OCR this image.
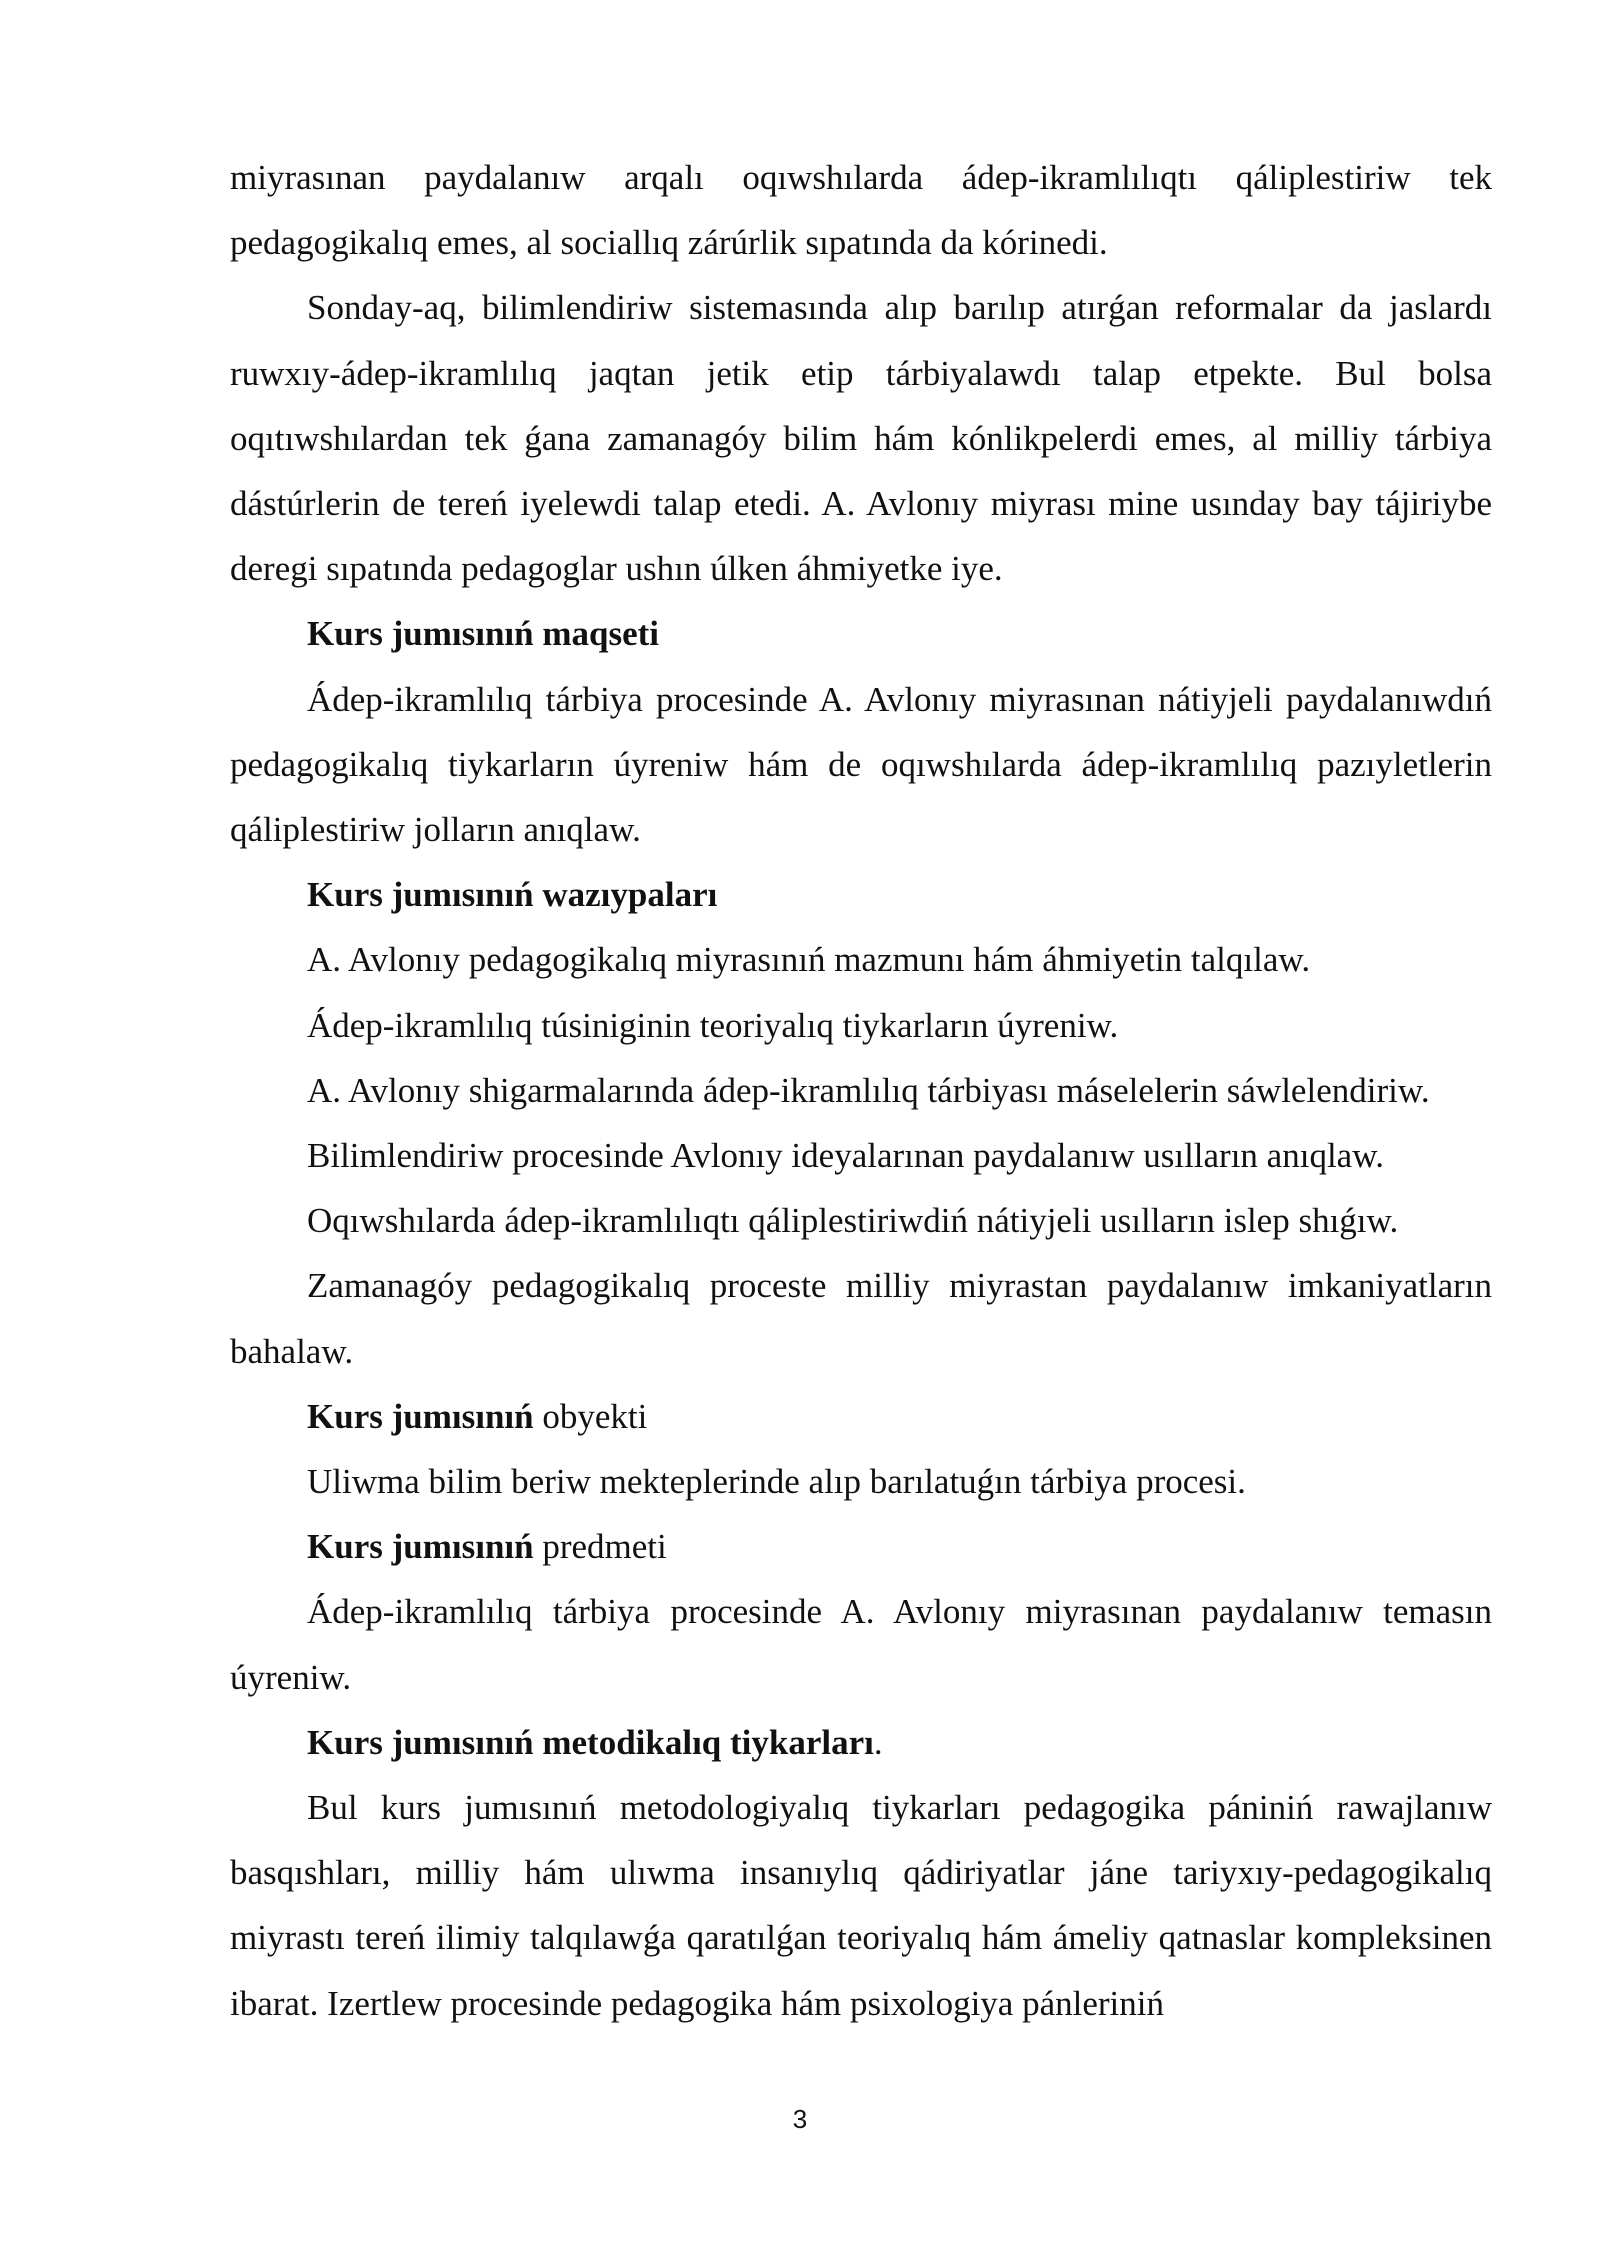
miyrasınan paydalanıw arqalı oqıwshılarda ádep-ikramlılıqtı qáliplestiriw tek pedagogikalıq emes, al sociallıq zárúrlik sıpatında da kórinedi.

Sonday-aq, bilimlendiriw sistemasında alıp barılıp atırǵan reformalar da jaslardı ruwxıy-ádep-ikramlılıq jaqtan jetik etip tárbiyalawdı talap etpekte. Bul bolsa oqıtıwshılardan tek ǵana zamanagóy bilim hám kónlikpelerdi emes, al milliy tárbiya dástúrlerin de tereń iyelewdi talap etedi. A. Avlonıy miyrası mine usınday bay tájiriybe deregi sıpatında pedagoglar ushın úlken áhmiyetke iye.

Kurs jumısınıń maqseti

Ádep-ikramlılıq tárbiya procesinde A. Avlonıy miyrasınan nátiyjeli paydalanıwdıń pedagogikalıq tiykarların úyreniw hám de oqıwshılarda ádep-ikramlılıq pazıyletlerin qáliplestiriw jolların anıqlaw.

Kurs jumısınıń wazıypaları

A. Avlonıy pedagogikalıq miyrasınıń mazmunı hám áhmiyetin talqılaw.

Ádep-ikramlılıq túsiniginin teoriyalıq tiykarların úyreniw.

A. Avlonıy shigarmalarında ádep-ikramlılıq tárbiyası máselelerin sáwlelendiriw.

Bilimlendiriw procesinde Avlonıy ideyalarınan paydalanıw usılların anıqlaw.

Oqıwshılarda ádep-ikramlılıqtı qáliplestiriwdiń nátiyjeli usılların islep shıǵıw.

Zamanagóy pedagogikalıq proceste milliy miyrastan paydalanıw imkaniyatların bahalaw.

Kurs jumısınıń obyekti

Uliwma bilim beriw mekteplerinde alıp barılatuǵın tárbiya procesi.

Kurs jumısınıń predmeti

Ádep-ikramlılıq tárbiya procesinde A. Avlonıy miyrasınan paydalanıw temasın úyreniw.

Kurs jumısınıń metodikalıq tiykarları.

Bul kurs jumısınıń metodologiyalıq tiykarları pedagogika pániniń rawajlanıw basqıshları, milliy hám ulıwma insanıylıq qádiriyatlar jáne tariyxıy-pedagogikalıq miyrastı tereń ilimiy talqılawǵa qaratılǵan teoriyalıq hám ámeliy qatnaslar kompleksinen ibarat. Izertlew procesinde pedagogika hám psixologiya pánleriniń

3
